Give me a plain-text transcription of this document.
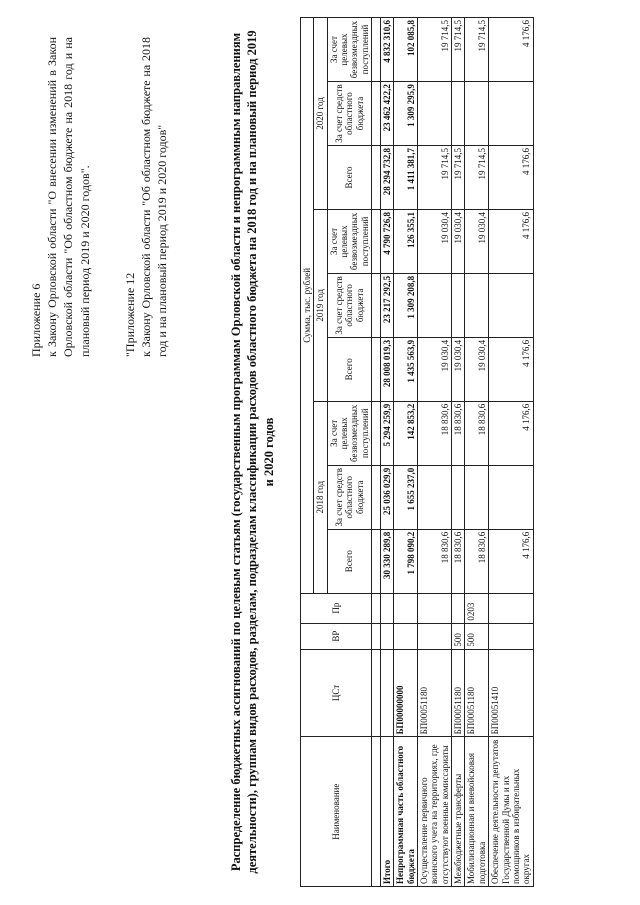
Приложение 6 к Закону Орловской области "О внесении изменений в Закон Орловской области "Об областном бюджете на 2018 год и на плановый период 2019 и 2020 годов".	"Приложение 12 к Закону Орловской области "Об областном бюджете на 2018 год и на плановый период 2019 и 2020 годов"	Распределение бюджетных ассигнований по целевым статьям (государственным программам Орловской области и непрограммным направлениям деятельности), группам видов расходов, разделам, подразделам классификации расходов областного бюджета на 2018 год и на плановый период 2019 и 2020 годов
Наименование	ЦСт	ВР	Пр	Сумма, тыс. рублей								
				2018 год			2019 год			2020 год		
				Всего	За счет средств областного бюджета	За счет целевых безвозмездных поступлений	Всего	За счет средств областного бюджета	За счет целевых безвозмездных поступлений	Всего	За счет средств областного бюджета	За счет целевых безвозмездных поступлений

Итого				30 330 289,8	25 036 029,9	5 294 259,9	28 008 019,3	23 217 292,5	4 790 726,8	28 294 732,8	23 462 422,2	4 832 310,6
Непрограммная часть областного бюджета	БП00000000			1 798 090,2	1 655 237,0	142 853,2	1 435 563,9	1 309 208,8	126 355,1	1 411 381,7	1 309 295,9	102 085,8
Осуществление первичного воинского учета на территориях, где отсутствуют военные комиссариаты	БП00051180			18 830,6		18 830,6	19 030,4		19 030,4	19 714,5		19 714,5
Межбюджетные трансферты	БП00051180	500		18 830,6		18 830,6	19 030,4		19 030,4	19 714,5		19 714,5
Мобилизационная и вневойсковая подготовка	БП00051180	500	0203	18 830,6		18 830,6	19 030,4		19 030,4	19 714,5		19 714,5
Обеспечение деятельности депутатов Государственной Думы и их помощников в избирательных округах	БП00051410			4 176,6		4 176,6	4 176,6		4 176,6	4 176,6		4 176,6
